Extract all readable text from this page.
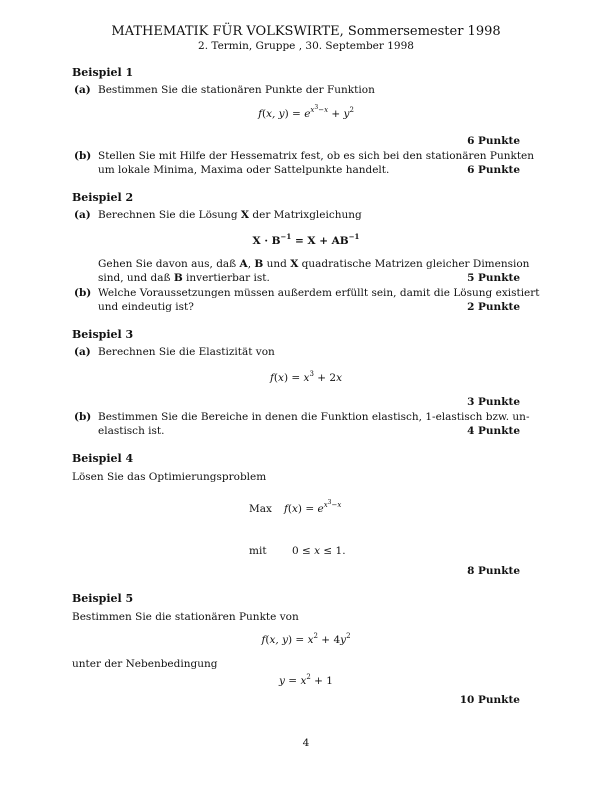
MATHEMATIK FÜR VOLKSWIRTE, Sommersemester 1998
2. Termin, Gruppe , 30. September 1998
Beispiel 1
(a) Bestimmen Sie die stationären Punkte der Funktion
f(x, $y) = e^{x^3-x} + y^2$
6 Punkte
(b) Stellen Sie mit Hilfe der Hessematrix fest, ob es sich bei den stationären Punkten
um lokale Minima, Maxima oder Sattelpunkte handelt.	6 Punkte
Beispiel 2
(a) Berechnen Sie die Lösung X der Matrixgleichung
$X \cdot B^{-1} = X + AB^{-1}$
Gehen Sie davon aus, daß A, B und X quadratische Matrizen gleicher Dimension
sind, und daß B invertierbar ist.	5 Punkte
(b) Welche Voraussetzungen müssen außerdem erfüllt sein, damit die Lösung existiert
und eindeutig ist?	2 Punkte
Beispiel 3
(a) Berechnen Sie die Elastizität von
$f(x) = x^3 + 2x$
3 Punkte
(b) Bestimmen Sie die Bereiche in denen die Funktion elastisch, 1-elastisch bzw. un-
elastisch ist.	4 Punkte
Beispiel 4
Lösen Sie das Optimierungsproblem
Max $f(x) = e^{x^3-x}$
mit 0 ≤ x ≤ 1.
8 Punkte
Beispiel 5
Bestimmen Sie die stationären Punkte von
f(x, $y) = x^2 + 4y^2$
unter der Nebenbedingung
$y = x^2 + 1$
10 Punkte
4
